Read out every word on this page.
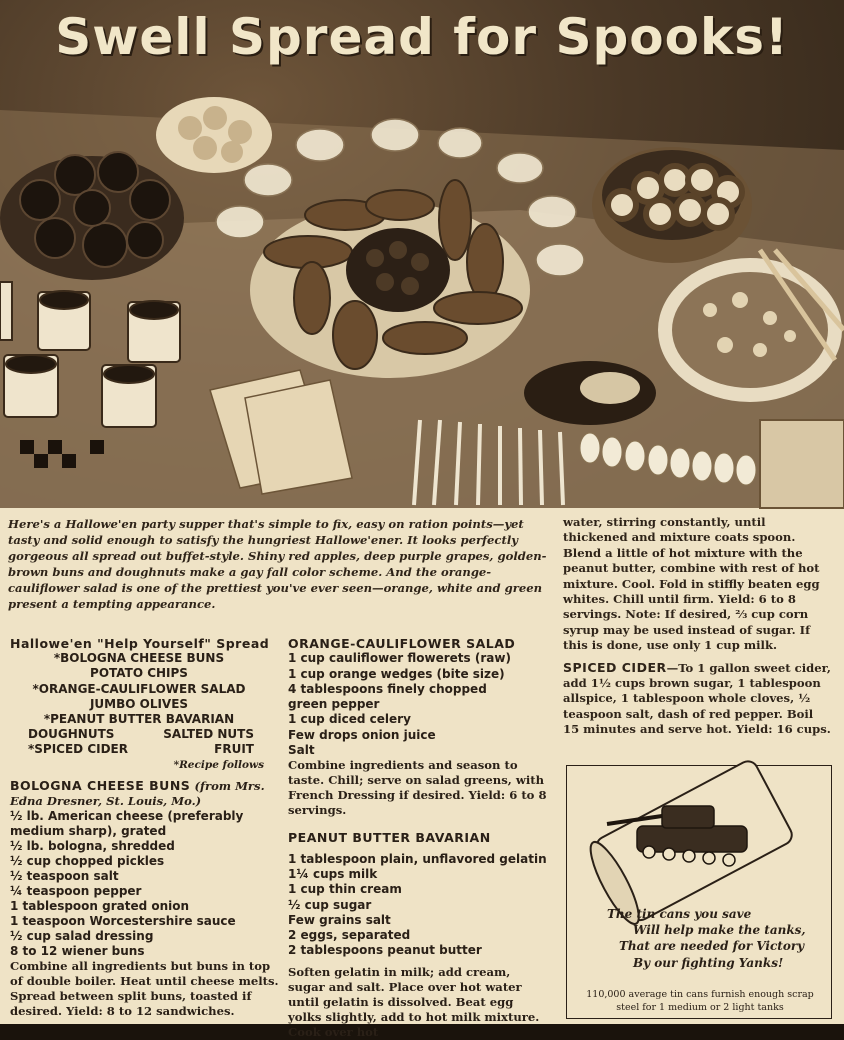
Swell Spread for Spooks!
Here's a Hallowe'en party supper that's simple to fix, easy on ration points—yet tasty and solid enough to satisfy the hungriest Hallowe'ener. It looks perfectly gorgeous all spread out buffet-style. Shiny red apples, deep purple grapes, golden-brown buns and doughnuts make a gay fall color scheme. And the orange-cauliflower salad is one of the prettiest you've ever seen—orange, white and green present a tempting appearance.
Hallowe'en "Help Yourself" Spread
*BOLOGNA CHEESE BUNS
POTATO CHIPS
*ORANGE-CAULIFLOWER SALAD
JUMBO OLIVES
*PEANUT BUTTER BAVARIAN
DOUGHNUTS	SALTED NUTS
*SPICED CIDER	FRUIT
*Recipe follows
BOLOGNA CHEESE BUNS (from Mrs. Edna Dresner, St. Louis, Mo.)
½ lb. American cheese (preferably
medium sharp), grated
½ lb. bologna, shredded
½ cup chopped pickles
½ teaspoon salt
¼ teaspoon pepper
1 tablespoon grated onion
1 teaspoon Worcestershire sauce
½ cup salad dressing
8 to 12 wiener buns
Combine all ingredients but buns in top of double boiler. Heat until cheese melts. Spread between split buns, toasted if desired. Yield: 8 to 12 sandwiches.
ORANGE-CAULIFLOWER SALAD
1 cup cauliflower flowerets (raw)
1 cup orange wedges (bite size)
4 tablespoons finely chopped
green pepper
1 cup diced celery
Few drops onion juice
Salt
Combine ingredients and season to taste. Chill; serve on salad greens, with French Dressing if desired. Yield: 6 to 8 servings.
PEANUT BUTTER BAVARIAN
1 tablespoon plain, unflavored gelatin
1¼ cups milk
1 cup thin cream
½ cup sugar
Few grains salt
2 eggs, separated
2 tablespoons peanut butter
Soften gelatin in milk; add cream, sugar and salt. Place over hot water until gelatin is dissolved. Beat egg yolks slightly, add to hot milk mixture. Cook over hot
water, stirring constantly, until thickened and mixture coats spoon. Blend a little of hot mixture with the peanut butter, combine with rest of hot mixture. Cool. Fold in stiffly beaten egg whites. Chill until firm. Yield: 6 to 8 servings. Note: If desired, ⅔ cup corn syrup may be used instead of sugar. If this is done, use only 1 cup milk.
SPICED CIDER—To 1 gallon sweet cider, add 1½ cups brown sugar, 1 tablespoon allspice, 1 tablespoon whole cloves, ½ teaspoon salt, dash of red pepper. Boil 15 minutes and serve hot. Yield: 16 cups.
The tin cans you save
Will help make the tanks,
That are needed for Victory
By our fighting Yanks!
110,000 average tin cans furnish enough scrap steel for 1 medium or 2 light tanks
